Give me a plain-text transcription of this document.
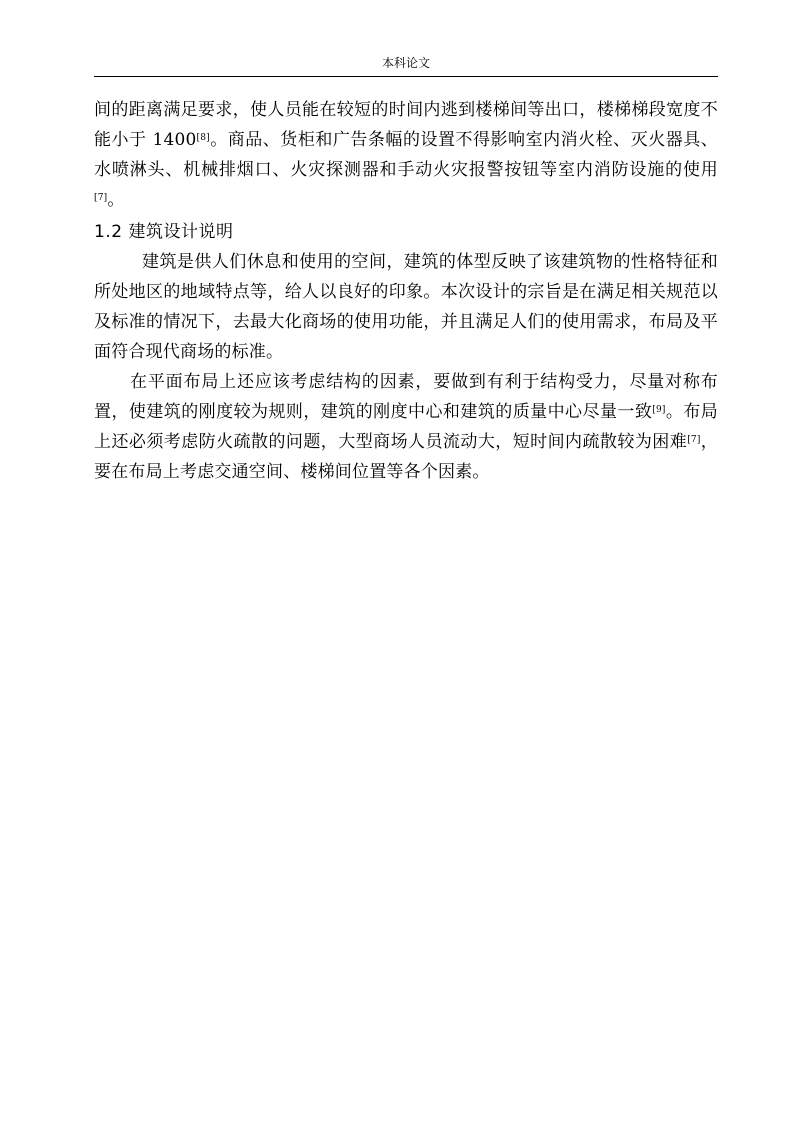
本科论文

间的距离满足要求，使人员能在较短的时间内逃到楼梯间等出口，楼梯梯段宽度不能小于 1400[8]。商品、货柜和广告条幅的设置不得影响室内消火栓、灭火器具、水喷淋头、机械排烟口、火灾探测器和手动火灾报警按钮等室内消防设施的使用[7]。

1.2 建筑设计说明

建筑是供人们休息和使用的空间，建筑的体型反映了该建筑物的性格特征和所处地区的地域特点等，给人以良好的印象。本次设计的宗旨是在满足相关规范以及标准的情况下，去最大化商场的使用功能，并且满足人们的使用需求，布局及平面符合现代商场的标准。

在平面布局上还应该考虑结构的因素，要做到有利于结构受力，尽量对称布置，使建筑的刚度较为规则，建筑的刚度中心和建筑的质量中心尽量一致[9]。布局上还必须考虑防火疏散的问题，大型商场人员流动大，短时间内疏散较为困难[7]，要在布局上考虑交通空间、楼梯间位置等各个因素。
